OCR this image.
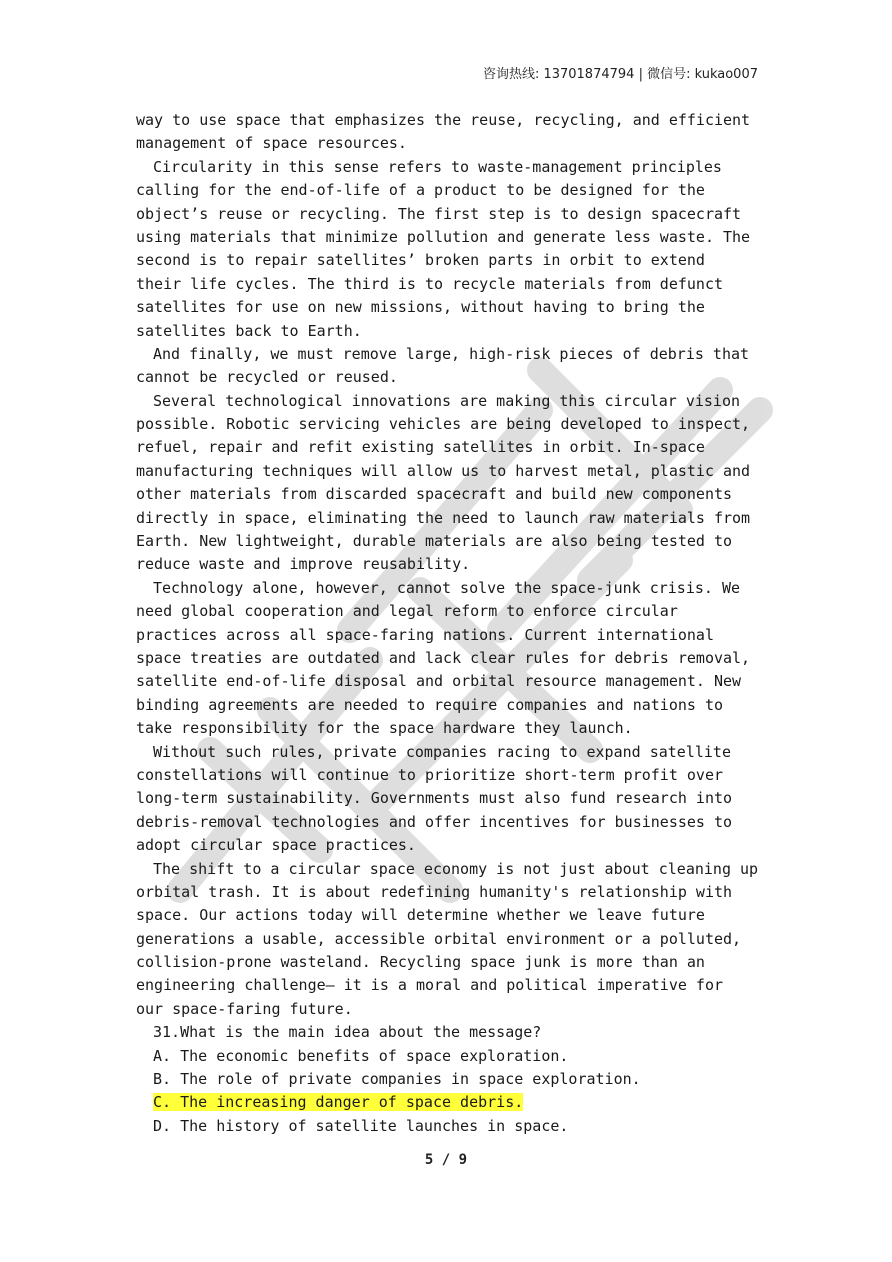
咨询热线: 13701874794 | 微信号: kukao007
way to use space that emphasizes the reuse, recycling, and efficient
management of space resources.
Circularity in this sense refers to waste-management principles
calling for the end-of-life of a product to be designed for the
object’s reuse or recycling. The first step is to design spacecraft
using materials that minimize pollution and generate less waste. The
second is to repair satellites’ broken parts in orbit to extend
their life cycles. The third is to recycle materials from defunct
satellites for use on new missions, without having to bring the
satellites back to Earth.
And finally, we must remove large, high-risk pieces of debris that
cannot be recycled or reused.
Several technological innovations are making this circular vision
possible. Robotic servicing vehicles are being developed to inspect,
refuel, repair and refit existing satellites in orbit. In-space
manufacturing techniques will allow us to harvest metal, plastic and
other materials from discarded spacecraft and build new components
directly in space, eliminating the need to launch raw materials from
Earth. New lightweight, durable materials are also being tested to
reduce waste and improve reusability.
Technology alone, however, cannot solve the space-junk crisis. We
need global cooperation and legal reform to enforce circular
practices across all space-faring nations. Current international
space treaties are outdated and lack clear rules for debris removal,
satellite end-of-life disposal and orbital resource management. New
binding agreements are needed to require companies and nations to
take responsibility for the space hardware they launch.
Without such rules, private companies racing to expand satellite
constellations will continue to prioritize short-term profit over
long-term sustainability. Governments must also fund research into
debris-removal technologies and offer incentives for businesses to
adopt circular space practices.
The shift to a circular space economy is not just about cleaning up
orbital trash. It is about redefining humanity's relationship with
space. Our actions today will determine whether we leave future
generations a usable, accessible orbital environment or a polluted,
collision-prone wasteland. Recycling space junk is more than an
engineering challenge— it is a moral and political imperative for
our space-faring future.
31.What is the main idea about the message?
A. The economic benefits of space exploration.
B. The role of private companies in space exploration.
C. The increasing danger of space debris.
D. The history of satellite launches in space.
5 / 9
